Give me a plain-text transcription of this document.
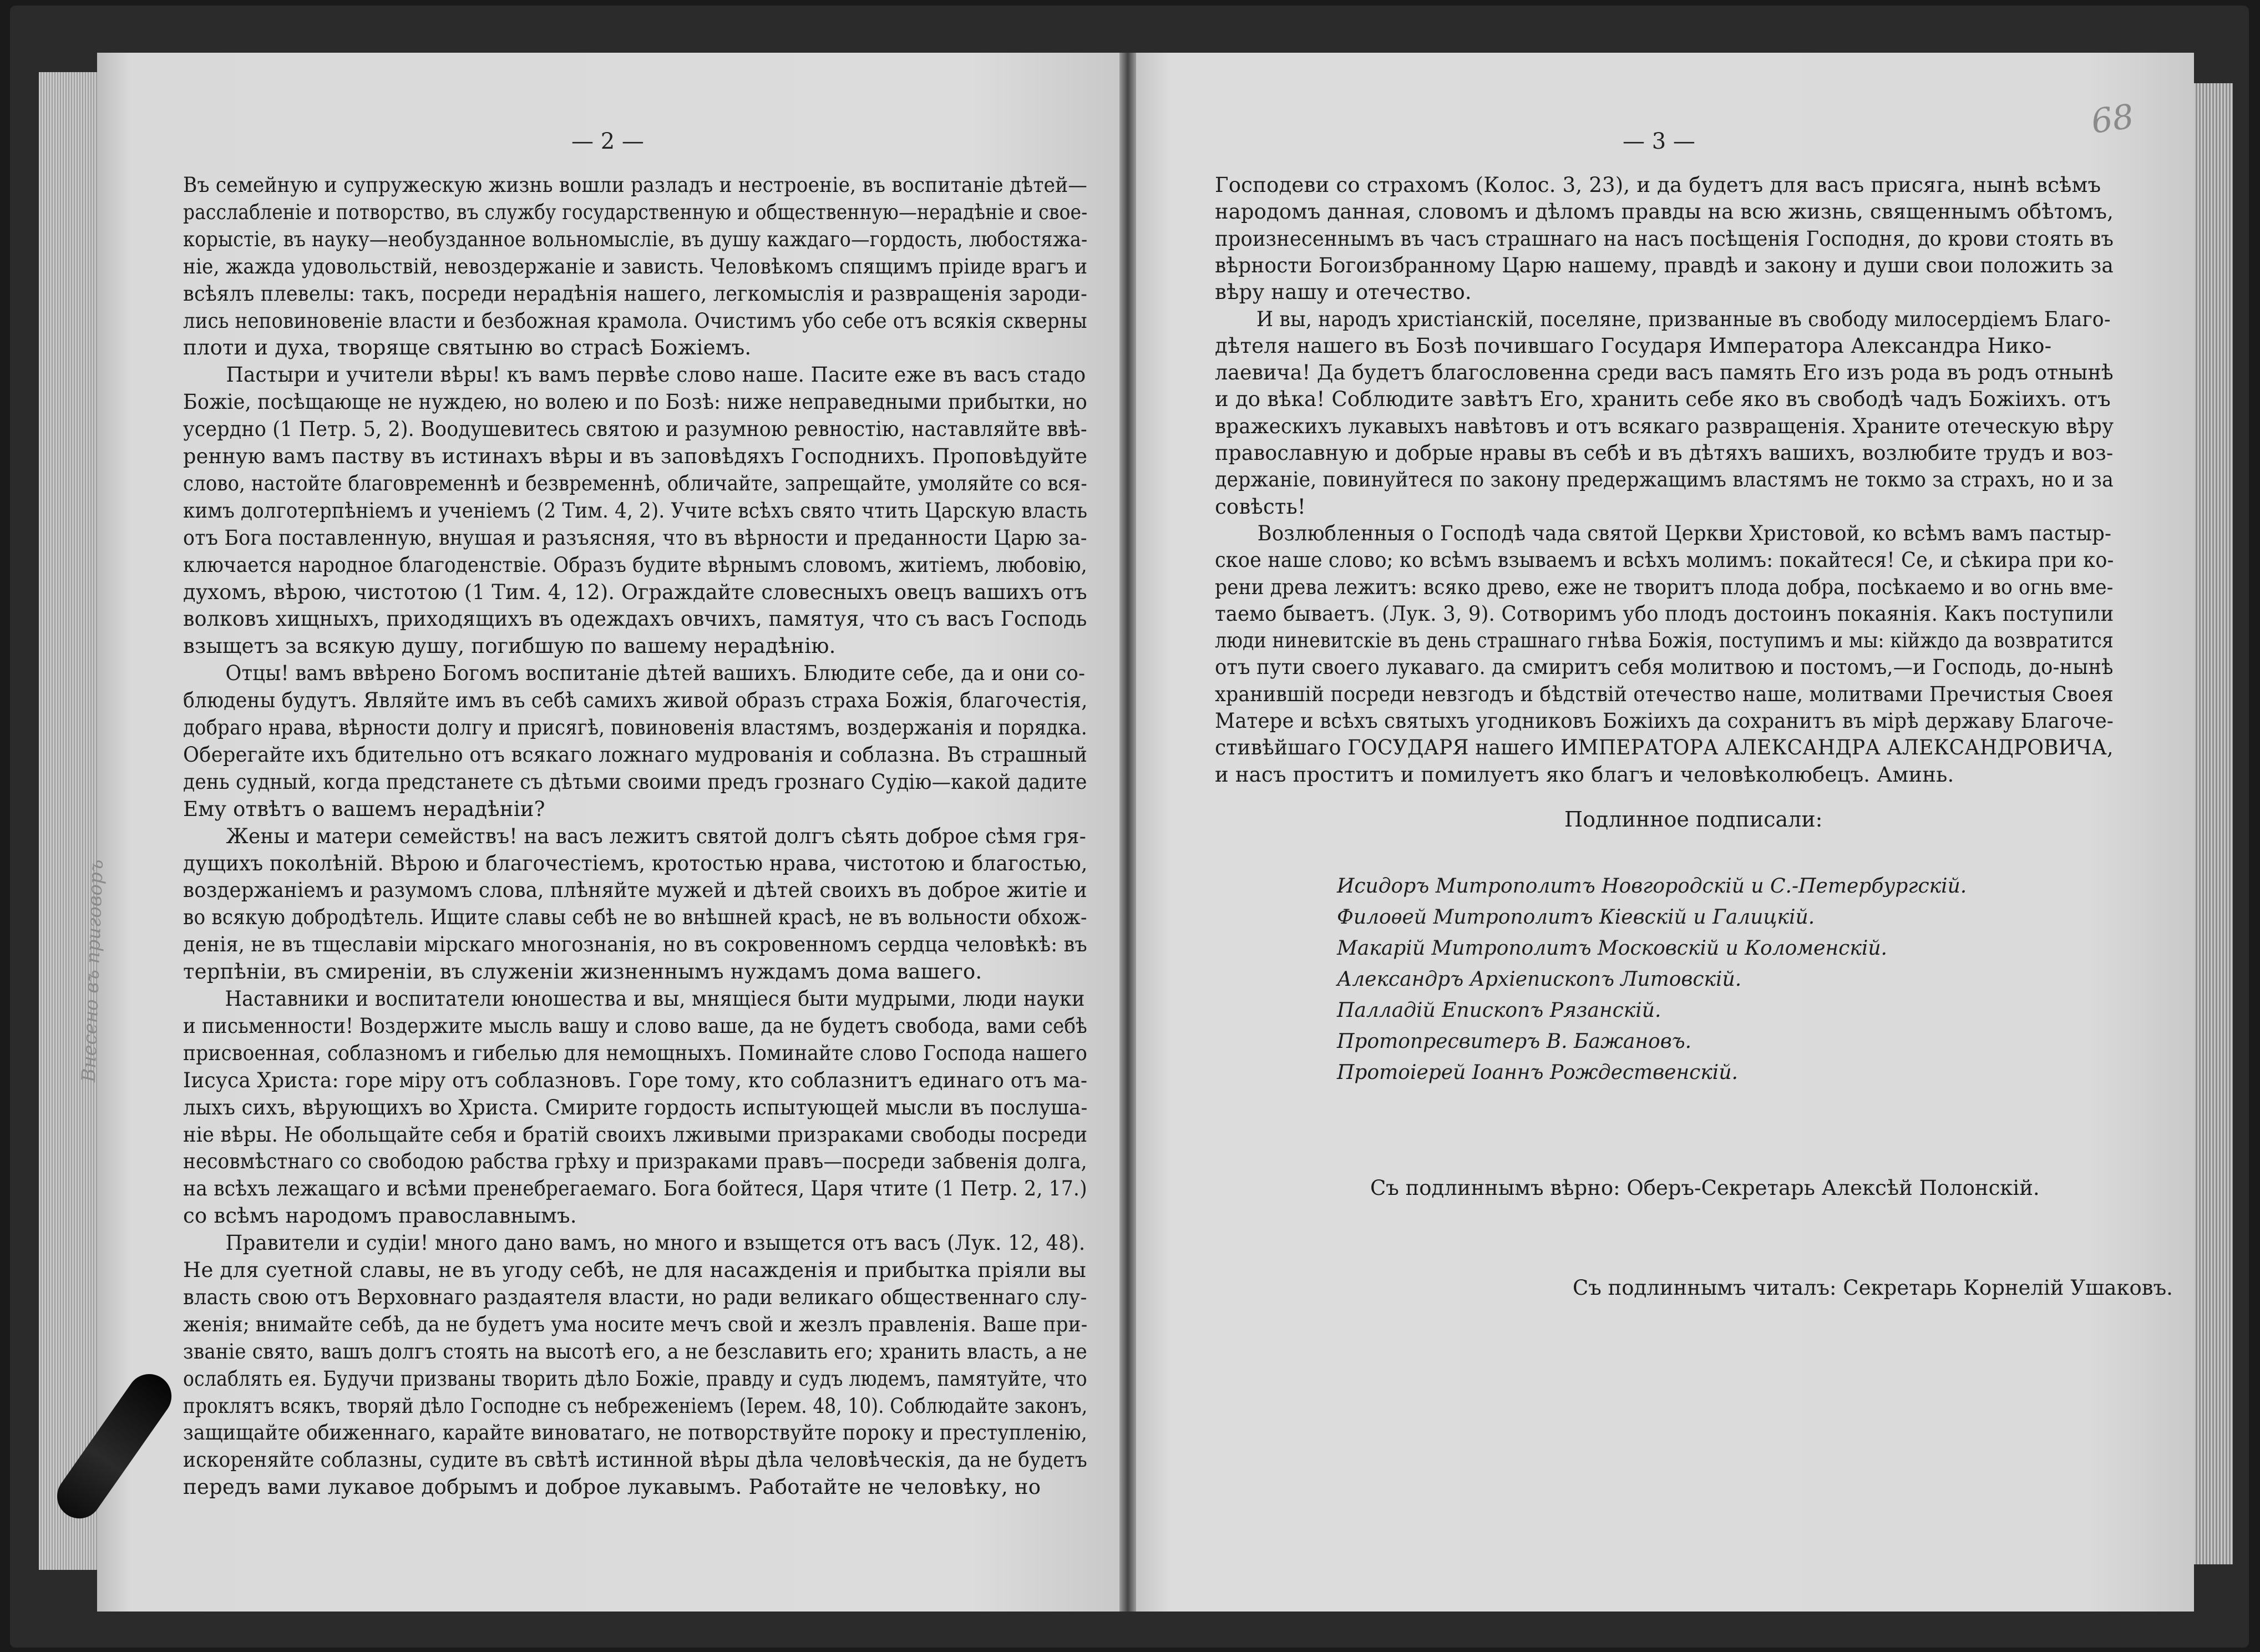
— 2 —	— 3 —
68
Въ семейную и супружескую жизнь вошли разладъ и нестроеніе, въ воспитаніе дѣтей—
расслабленіе и потворство, въ службу государственную и общественную—нерадѣніе и свое-
корыстіе, въ науку—необузданное вольномысліе, въ душу каждаго—гордость, любостяжа-
ніе, жажда удовольствій, невоздержаніе и зависть. Человѣкомъ спящимъ пріиде врагъ и
всѣялъ плевелы: такъ, посреди нерадѣнія нашего, легкомыслія и развращенія зароди-
лись неповиновеніе власти и безбожная крамола. Очистимъ убо себе отъ всякія скверны
плоти и духа, творяще святыню во страсѣ Божіемъ.
Пастыри и учители вѣры! къ вамъ первѣе слово наше. Пасите еже въ васъ стадо
Божіе, посѣщающе не нуждею, но волею и по Бозѣ: ниже неправедными прибытки, но
усердно (1 Петр. 5, 2). Воодушевитесь святою и разумною ревностію, наставляйте ввѣ-
ренную вамъ паству въ истинахъ вѣры и въ заповѣдяхъ Господнихъ. Проповѣдуйте
слово, настойте благовременнѣ и безвременнѣ, обличайте, запрещайте, умоляйте со вся-
кимъ долготерпѣніемъ и ученіемъ (2 Тим. 4, 2). Учите всѣхъ свято чтить Царскую власть
отъ Бога поставленную, внушая и разъясняя, что въ вѣрности и преданности Царю за-
ключается народное благоденствіе. Образъ будите вѣрнымъ словомъ, житіемъ, любовію,
духомъ, вѣрою, чистотою (1 Тим. 4, 12). Ограждайте словесныхъ овецъ вашихъ отъ
волковъ хищныхъ, приходящихъ въ одеждахъ овчихъ, памятуя, что съ васъ Господь
взыщетъ за всякую душу, погибшую по вашему нерадѣнію.
Отцы! вамъ ввѣрено Богомъ воспитаніе дѣтей вашихъ. Блюдите себе, да и они со-
блюдены будутъ. Являйте имъ въ себѣ самихъ живой образъ страха Божія, благочестія,
добраго нрава, вѣрности долгу и присягѣ, повиновенія властямъ, воздержанія и порядка.
Оберегайте ихъ бдительно отъ всякаго ложнаго мудрованія и соблазна. Въ страшный
день судный, когда предстанете съ дѣтьми своими предъ грознаго Судію—какой дадите
Ему отвѣтъ о вашемъ нерадѣніи?
Жены и матери семействъ! на васъ лежитъ святой долгъ сѣять доброе сѣмя гря-
дущихъ поколѣній. Вѣрою и благочестіемъ, кротостью нрава, чистотою и благостью,
воздержаніемъ и разумомъ слова, плѣняйте мужей и дѣтей своихъ въ доброе житіе и
во всякую добродѣтель. Ищите славы себѣ не во внѣшней красѣ, не въ вольности обхож-
денія, не въ тщеславіи мірскаго многознанія, но въ сокровенномъ сердца человѣкѣ: въ
терпѣніи, въ смиреніи, въ служеніи жизненнымъ нуждамъ дома вашего.
Наставники и воспитатели юношества и вы, мнящіеся быти мудрыми, люди науки
и письменности! Воздержите мысль вашу и слово ваше, да не будетъ свобода, вами себѣ
присвоенная, соблазномъ и гибелью для немощныхъ. Поминайте слово Господа нашего
Іисуса Христа: горе міру отъ соблазновъ. Горе тому, кто соблазнитъ единаго отъ ма-
лыхъ сихъ, вѣрующихъ во Христа. Смирите гордость испытующей мысли въ послуша-
ніе вѣры. Не обольщайте себя и братій своихъ лживыми призраками свободы посреди
несовмѣстнаго со свободою рабства грѣху и призраками правъ—посреди забвенія долга,
на всѣхъ лежащаго и всѣми пренебрегаемаго. Бога бойтеся, Царя чтите (1 Петр. 2, 17.)
со всѣмъ народомъ православнымъ.
Правители и судіи! много дано вамъ, но много и взыщется отъ васъ (Лук. 12, 48).
Не для суетной славы, не въ угоду себѣ, не для насажденія и прибытка пріяли вы
власть свою отъ Верховнаго раздаятеля власти, но ради великаго общественнаго слу-
женія; внимайте себѣ, да не будетъ ума носите мечъ свой и жезлъ правленія. Ваше при-
званіе свято, вашъ долгъ стоять на высотѣ его, а не безславить его; хранить власть, а не
ослаблять ея. Будучи призваны творить дѣло Божіе, правду и судъ людемъ, памятуйте, что
проклятъ всякъ, творяй дѣло Господне съ небреженіемъ (Іерем. 48, 10). Соблюдайте законъ,
защищайте обиженнаго, карайте виноватаго, не потворствуйте пороку и преступленію,
искореняйте соблазны, судите въ свѣтѣ истинной вѣры дѣла человѣческія, да не будетъ
передъ вами лукавое добрымъ и доброе лукавымъ. Работайте не человѣку, но
Господеви со страхомъ (Колос. 3, 23), и да будетъ для васъ присяга, нынѣ всѣмъ
народомъ данная, словомъ и дѣломъ правды на всю жизнь, священнымъ обѣтомъ,
произнесеннымъ въ часъ страшнаго на насъ посѣщенія Господня, до крови стоять въ
вѣрности Богоизбранному Царю нашему, правдѣ и закону и души свои положить за
вѣру нашу и отечество.
И вы, народъ христіанскій, поселяне, призванные въ свободу милосердіемъ Благо-
дѣтеля нашего въ Бозѣ почившаго Государя Императора Александра Нико-
лаевича! Да будетъ благословенна среди васъ память Его изъ рода въ родъ отнынѣ
и до вѣка! Соблюдите завѣтъ Его, хранить себе яко въ свободѣ чадъ Божіихъ. отъ
вражескихъ лукавыхъ навѣтовъ и отъ всякаго развращенія. Храните отеческую вѣру
православную и добрые нравы въ себѣ и въ дѣтяхъ вашихъ, возлюбите трудъ и воз-
держаніе, повинуйтеся по закону предержащимъ властямъ не токмо за страхъ, но и за
совѣсть!
Возлюбленныя о Господѣ чада святой Церкви Христовой, ко всѣмъ вамъ пастыр-
ское наше слово; ко всѣмъ взываемъ и всѣхъ молимъ: покайтеся! Се, и сѣкира при ко-
рени древа лежитъ: всяко древо, еже не творитъ плода добра, посѣкаемо и во огнь вме-
таемо бываетъ. (Лук. 3, 9). Сотворимъ убо плодъ достоинъ покаянія. Какъ поступили
люди ниневитскіе въ день страшнаго гнѣва Божія, поступимъ и мы: кійждо да возвратится
отъ пути своего лукаваго. да смиритъ себя молитвою и постомъ,—и Господь, до-нынѣ
хранившій посреди невзгодъ и бѣдствій отечество наше, молитвами Пречистыя Своея
Матере и всѣхъ святыхъ угодниковъ Божіихъ да сохранитъ въ мірѣ державу Благоче-
стивѣйшаго ГОСУДАРЯ нашего ИМПЕРАТОРА АЛЕКСАНДРА АЛЕКСАНДРОВИЧА,
и насъ проститъ и помилуетъ яко благъ и человѣколюбецъ. Аминь.
Внесено въ приговоръ
Подлинное подписали:
Исидоръ Митрополитъ Новгородскій и С.-Петербургскій.
Филоѳей Митрополитъ Кіевскій и Галицкій.
Макарій Митрополитъ Московскій и Коломенскій.
Александръ Архіепископъ Литовскій.
Палладій Епископъ Рязанскій.
Протопресвитеръ В. Бажановъ.
Протоіерей Іоаннъ Рождественскій.
Съ подлиннымъ вѣрно: Оберъ-Секретарь Алексѣй Полонскій.
Съ подлиннымъ читалъ: Секретарь Корнелій Ушаковъ.
